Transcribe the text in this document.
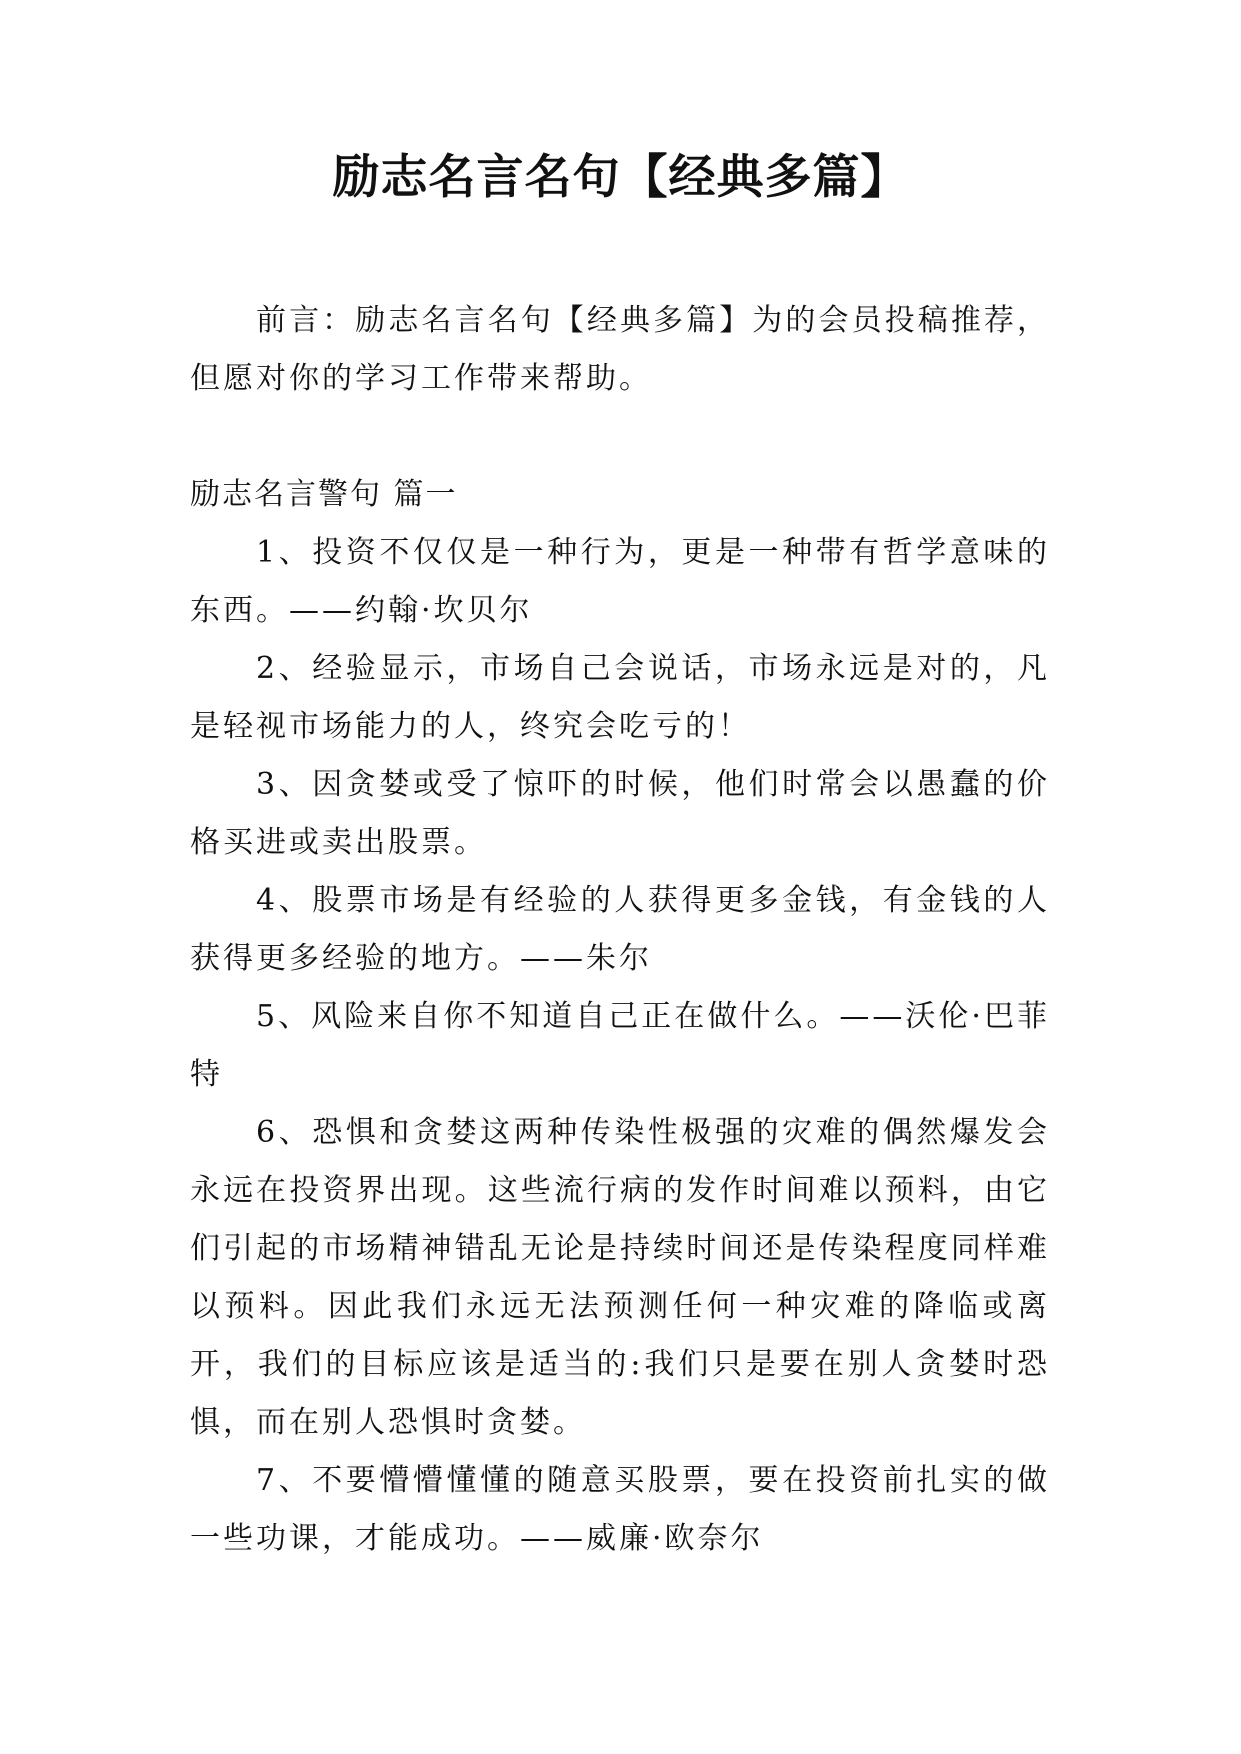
励志名言名句【经典多篇】

前言：励志名言名句【经典多篇】为的会员投稿推荐，但愿对你的学习工作带来帮助。

励志名言警句 篇一

1、投资不仅仅是一种行为，更是一种带有哲学意味的东西。——约翰·坎贝尔

2、经验显示，市场自己会说话，市场永远是对的，凡是轻视市场能力的人，终究会吃亏的！

3、因贪婪或受了惊吓的时候，他们时常会以愚蠢的价格买进或卖出股票。

4、股票市场是有经验的人获得更多金钱，有金钱的人获得更多经验的地方。——朱尔

5、风险来自你不知道自己正在做什么。——沃伦·巴菲特

6、恐惧和贪婪这两种传染性极强的灾难的偶然爆发会永远在投资界出现。这些流行病的发作时间难以预料，由它们引起的市场精神错乱无论是持续时间还是传染程度同样难以预料。因此我们永远无法预测任何一种灾难的降临或离开，我们的目标应该是适当的:我们只是要在别人贪婪时恐惧，而在别人恐惧时贪婪。

7、不要懵懵懂懂的随意买股票，要在投资前扎实的做一些功课，才能成功。——威廉·欧奈尔
